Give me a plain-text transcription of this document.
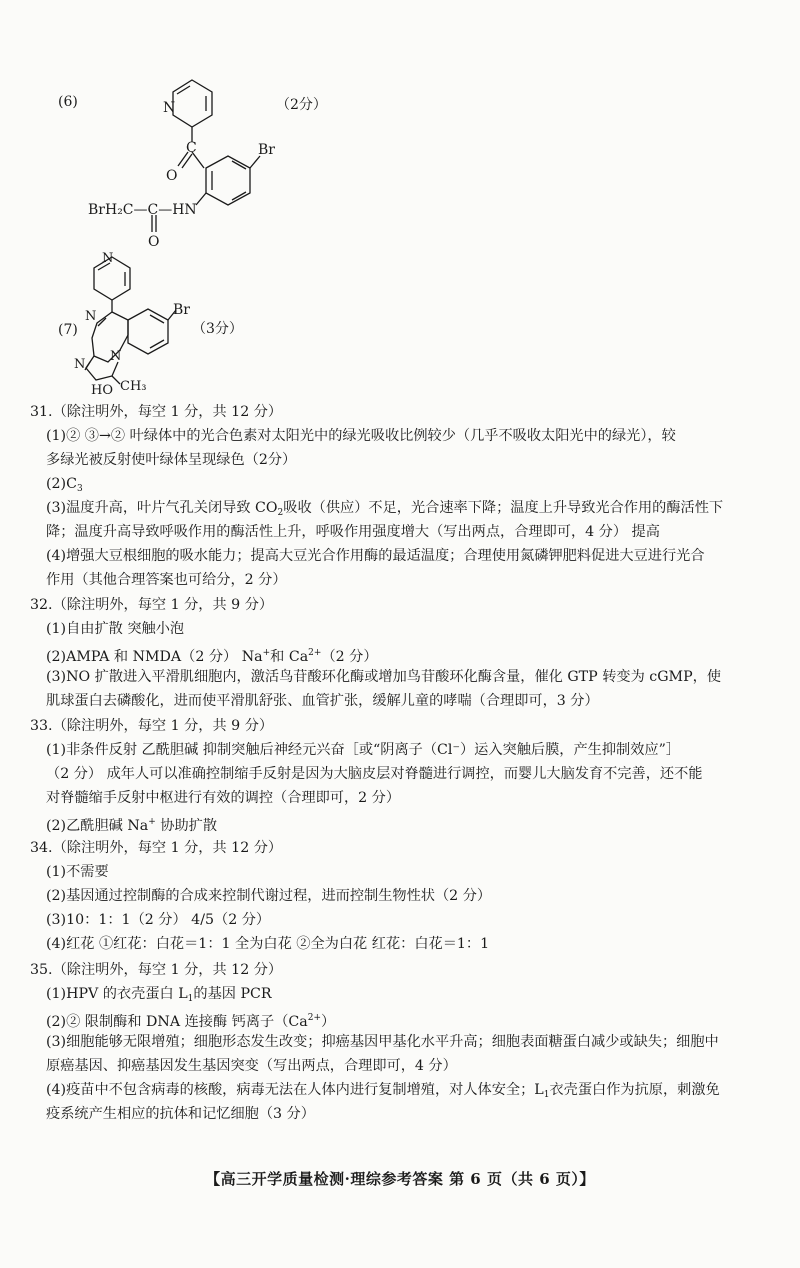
(6)	（2分）
N
C
O
Br
BrH₂C—C—HN
O
N
N	Br
N
N
HO CH₃
(7)	（3分）
31.（除注明外，每空 1 分，共 12 分）
(1)② ③→② 叶绿体中的光合色素对太阳光中的绿光吸收比例较少（几乎不吸收太阳光中的绿光），较
多绿光被反射使叶绿体呈现绿色（2分）
$(2)C_3$
(3)温度升高，叶片气孔关闭导致 $CO_2$吸收（供应）不足，光合速率下降；温度上升导致光合作用的酶活性下
降；温度升高导致呼吸作用的酶活性上升，呼吸作用强度增大（写出两点，合理即可，4 分） 提高
(4)增强大豆根细胞的吸水能力；提高大豆光合作用酶的最适温度；合理使用氮磷钾肥料促进大豆进行光合
作用（其他合理答案也可给分，2 分）
32.（除注明外，每空 1 分，共 9 分）
(1)自由扩散 突触小泡
(2)AMPA 和 NMDA（2 分） Na+和 $Ca^{2+}(2$ 分）
(3)NO 扩散进入平滑肌细胞内，激活鸟苷酸环化酶或增加鸟苷酸环化酶含量，催化 GTP 转变为 cGMP，使
肌球蛋白去磷酸化，进而使平滑肌舒张、血管扩张，缓解儿童的哮喘（合理即可，3 分）
33.（除注明外，每空 1 分，共 9 分）
(1)非条件反射 乙酰胆碱 抑制突触后神经元兴奋［或“阴离子（Cl⁻）运入突触后膜，产生抑制效应”］
（2 分） 成年人可以准确控制缩手反射是因为大脑皮层对脊髓进行调控，而婴儿大脑发育不完善，还不能
对脊髓缩手反射中枢进行有效的调控（合理即可，2 分）
(2)乙酰胆碱 Na+ 协助扩散
34.（除注明外，每空 1 分，共 12 分）
(1)不需要
(2)基因通过控制酶的合成来控制代谢过程，进而控制生物性状（2 分）
(3)10：1：1（2 分） 4/5（2 分）
(4)红花 ①红花：白花＝1：1 全为白花 ②全为白花 红花：白花＝1：1
35.（除注明外，每空 1 分，共 12 分）
(1)HPV 的衣壳蛋白 $L_1$的基因 PCR
(2)② 限制酶和 DNA 连接酶 钙离子$(Ca^{2+})$
(3)细胞能够无限增殖；细胞形态发生改变；抑癌基因甲基化水平升高；细胞表面糖蛋白减少或缺失；细胞中
原癌基因、抑癌基因发生基因突变（写出两点，合理即可，4 分）
(4)疫苗中不包含病毒的核酸，病毒无法在人体内进行复制增殖，对人体安全；$L_1$衣壳蛋白作为抗原，刺激免
疫系统产生相应的抗体和记忆细胞（3 分）
【高三开学质量检测·理综参考答案 第 6 页（共 6 页）】
